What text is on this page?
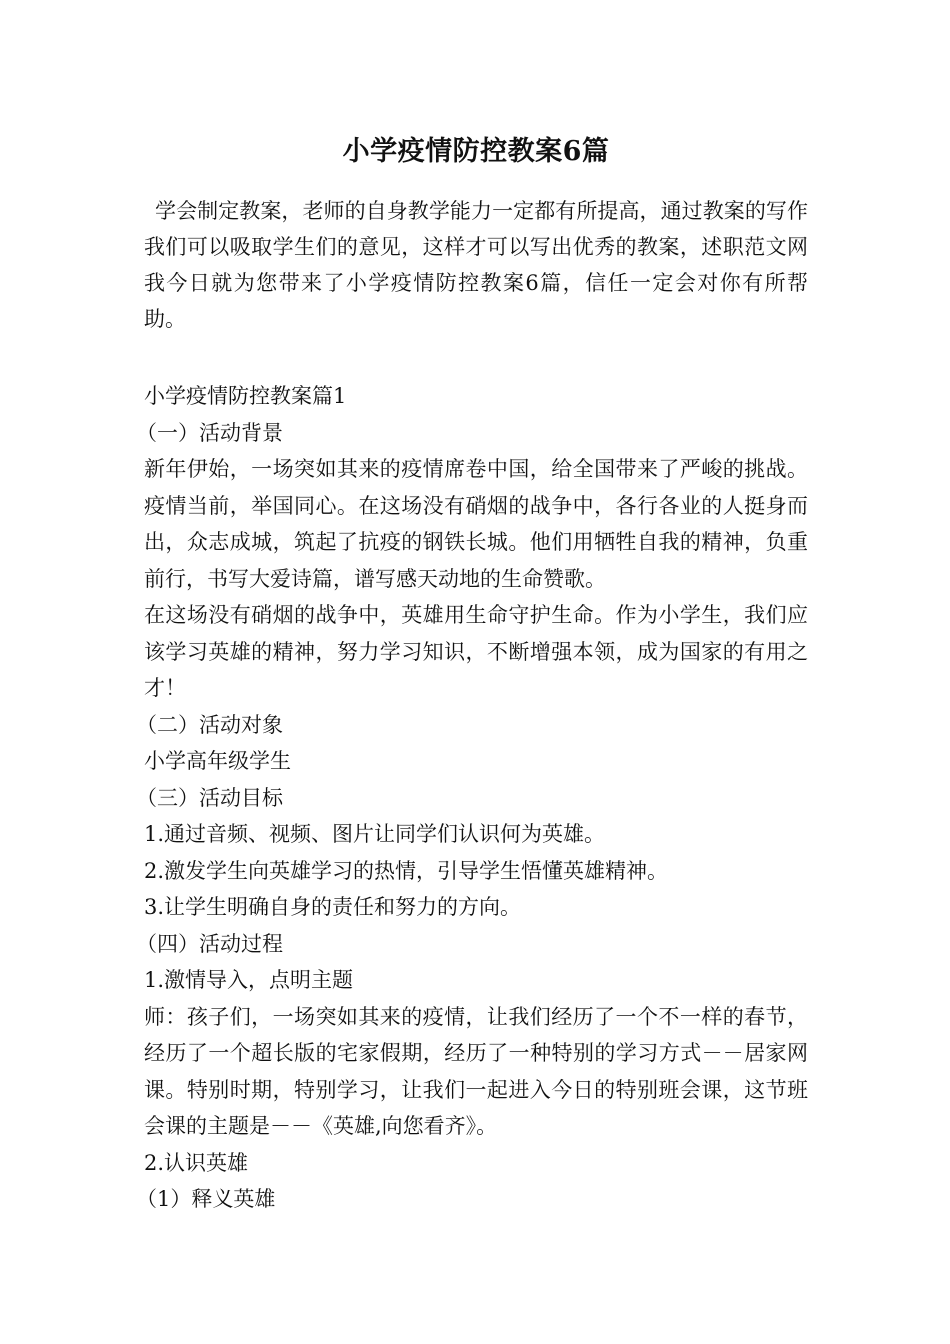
小学疫情防控教案6篇

学会制定教案，老师的自身教学能力一定都有所提高，通过教案的写作我们可以吸取学生们的意见，这样才可以写出优秀的教案，述职范文网我今日就为您带来了小学疫情防控教案6篇，信任一定会对你有所帮助。

小学疫情防控教案篇1

（一）活动背景

新年伊始，一场突如其来的疫情席卷中国，给全国带来了严峻的挑战。疫情当前，举国同心。在这场没有硝烟的战争中，各行各业的人挺身而出，众志成城，筑起了抗疫的钢铁长城。他们用牺牲自我的精神，负重前行，书写大爱诗篇，谱写感天动地的生命赞歌。

在这场没有硝烟的战争中，英雄用生命守护生命。作为小学生，我们应该学习英雄的精神，努力学习知识，不断增强本领，成为国家的有用之才！

（二）活动对象

小学高年级学生

（三）活动目标

1.通过音频、视频、图片让同学们认识何为英雄。

2.激发学生向英雄学习的热情，引导学生悟懂英雄精神。

3.让学生明确自身的责任和努力的方向。

（四）活动过程

1.激情导入，点明主题

师：孩子们，一场突如其来的疫情，让我们经历了一个不一样的春节，经历了一个超长版的宅家假期，经历了一种特别的学习方式－－居家网课。特别时期，特别学习，让我们一起进入今日的特别班会课，这节班会课的主题是－－《英雄,向您看齐》。

2.认识英雄

（1）释义英雄
